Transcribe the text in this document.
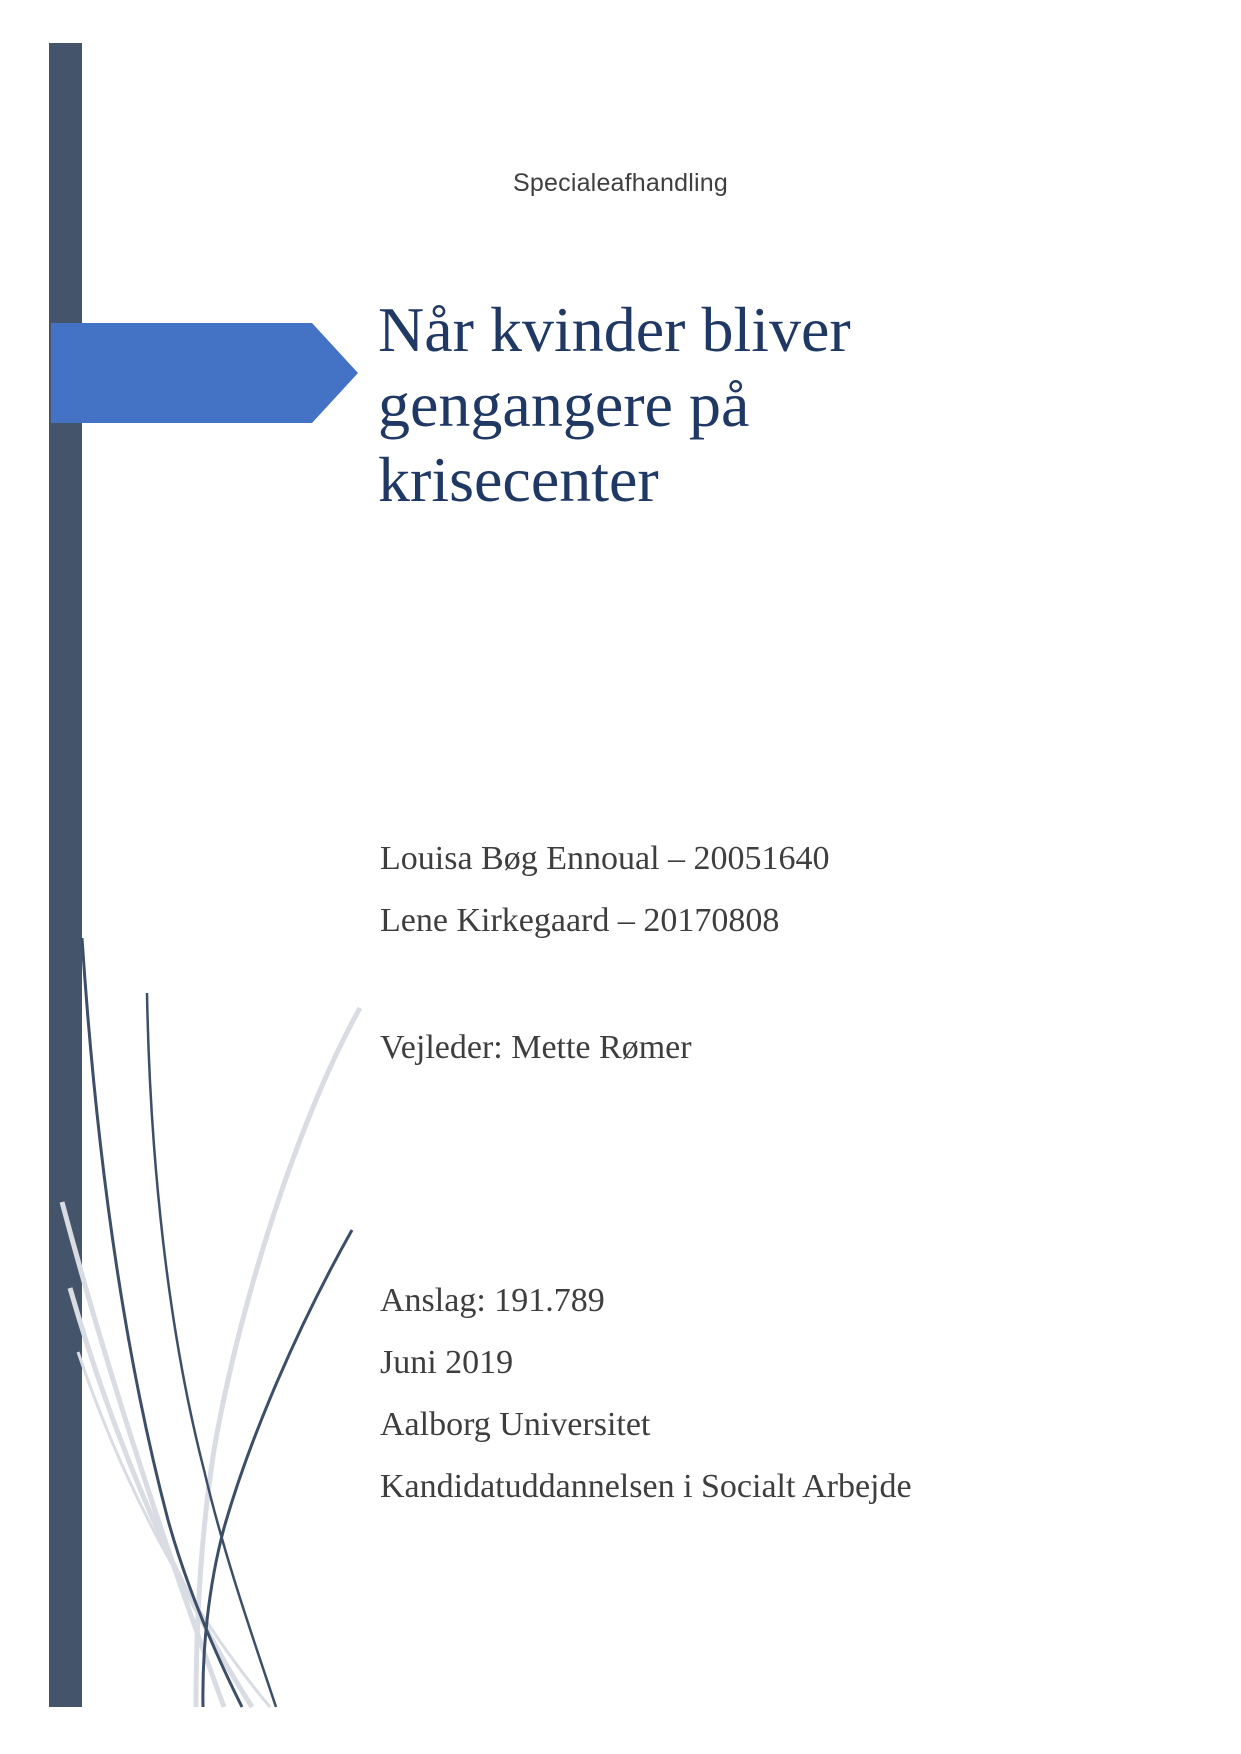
Specialeafhandling
Når kvinder bliver
gengangere på
krisecenter
Louisa Bøg Ennoual – 20051640
Lene Kirkegaard – 20170808
Vejleder: Mette Rømer
Anslag: 191.789
Juni 2019
Aalborg Universitet
Kandidatuddannelsen i Socialt Arbejde
